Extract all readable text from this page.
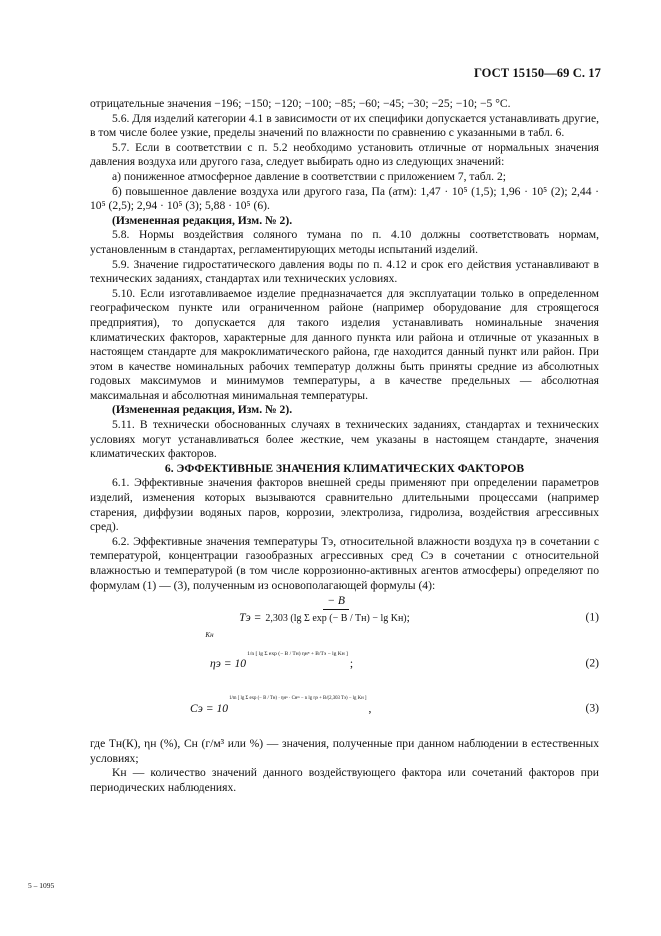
ГОСТ 15150—69 С. 17

отрицательные значения −196; −150; −120; −100; −85; −60; −45; −30; −25; −10; −5 °С.

5.6. Для изделий категории 4.1 в зависимости от их специфики допускается устанавливать другие, в том числе более узкие, пределы значений по влажности по сравнению с указанными в табл. 6.

5.7. Если в соответствии с п. 5.2 необходимо установить отличные от нормальных значения давления воздуха или другого газа, следует выбирать одно из следующих значений:

а) пониженное атмосферное давление в соответствии с приложением 7, табл. 2;

б) повышенное давление воздуха или другого газа, Па (атм): 1,47 · 10⁵ (1,5); 1,96 · 10⁵ (2); 2,44 · 10⁵ (2,5); 2,94 · 10⁵ (3); 5,88 · 10⁵ (6).

(Измененная редакция, Изм. № 2).

5.8. Нормы воздействия соляного тумана по п. 4.10 должны соответствовать нормам, установленным в стандартах, регламентирующих методы испытаний изделий.

5.9. Значение гидростатического давления воды по п. 4.12 и срок его действия устанавливают в технических заданиях, стандартах или технических условиях.

5.10. Если изготавливаемое изделие предназначается для эксплуатации только в определенном географическом пункте или ограниченном районе (например оборудование для строящегося предприятия), то допускается для такого изделия устанавливать номинальные значения климатических факторов, характерные для данного пункта или района и отличные от указанных в настоящем стандарте для макроклиматического района, где находится данный пункт или район. При этом в качестве номинальных рабочих температур должны быть приняты средние из абсолютных годовых максимумов и минимумов температуры, а в качестве предельных — абсолютная максимальная и абсолютная минимальная температуры.

(Измененная редакция, Изм. № 2).

5.11. В технически обоснованных случаях в технических заданиях, стандартах и технических условиях могут устанавливаться более жесткие, чем указаны в настоящем стандарте, значения климатических факторов.

6. ЭФФЕКТИВНЫЕ ЗНАЧЕНИЯ КЛИМАТИЧЕСКИХ ФАКТОРОВ

6.1. Эффективные значения факторов внешней среды применяют при определении параметров изделий, изменения которых вызываются сравнительно длительными процессами (например старения, диффузии водяных паров, коррозии, электролиза, гидролиза, воздействия агрессивных сред).

6.2. Эффективные значения температуры Tэ, относительной влажности воздуха ηэ в сочетании с температурой, концентрации газообразных агрессивных сред Cэ в сочетании с относительной влажностью и температурой (в том числе коррозионно-активных агентов атмосферы) определяют по формулам (1) — (3), полученным из основополагающей формулы (4):

Tэ =
− B
2,303 (lg Σ exp (− B / Tн) − lg Kн)
Kн
;	(1)
ηэ = 10
1/n [ lg Σ exp (− B / Tн) ηнⁿ + B/Tэ − lg Kн ]
;	(2)
Cэ = 10
1/m [ lg Σ exp (− B / Tн) · ηнⁿ · Cнᵐ − n lg ηэ + B/(2,303 Tэ) − lg Kн ]
,	(3)

где Tн(К), ηн (%), Cн (г/м³ или %) — значения, полученные при данном наблюдении в естественных условиях;

Kн — количество значений данного воздействующего фактора или сочетаний факторов при периодических наблюдениях.

5 – 1095
